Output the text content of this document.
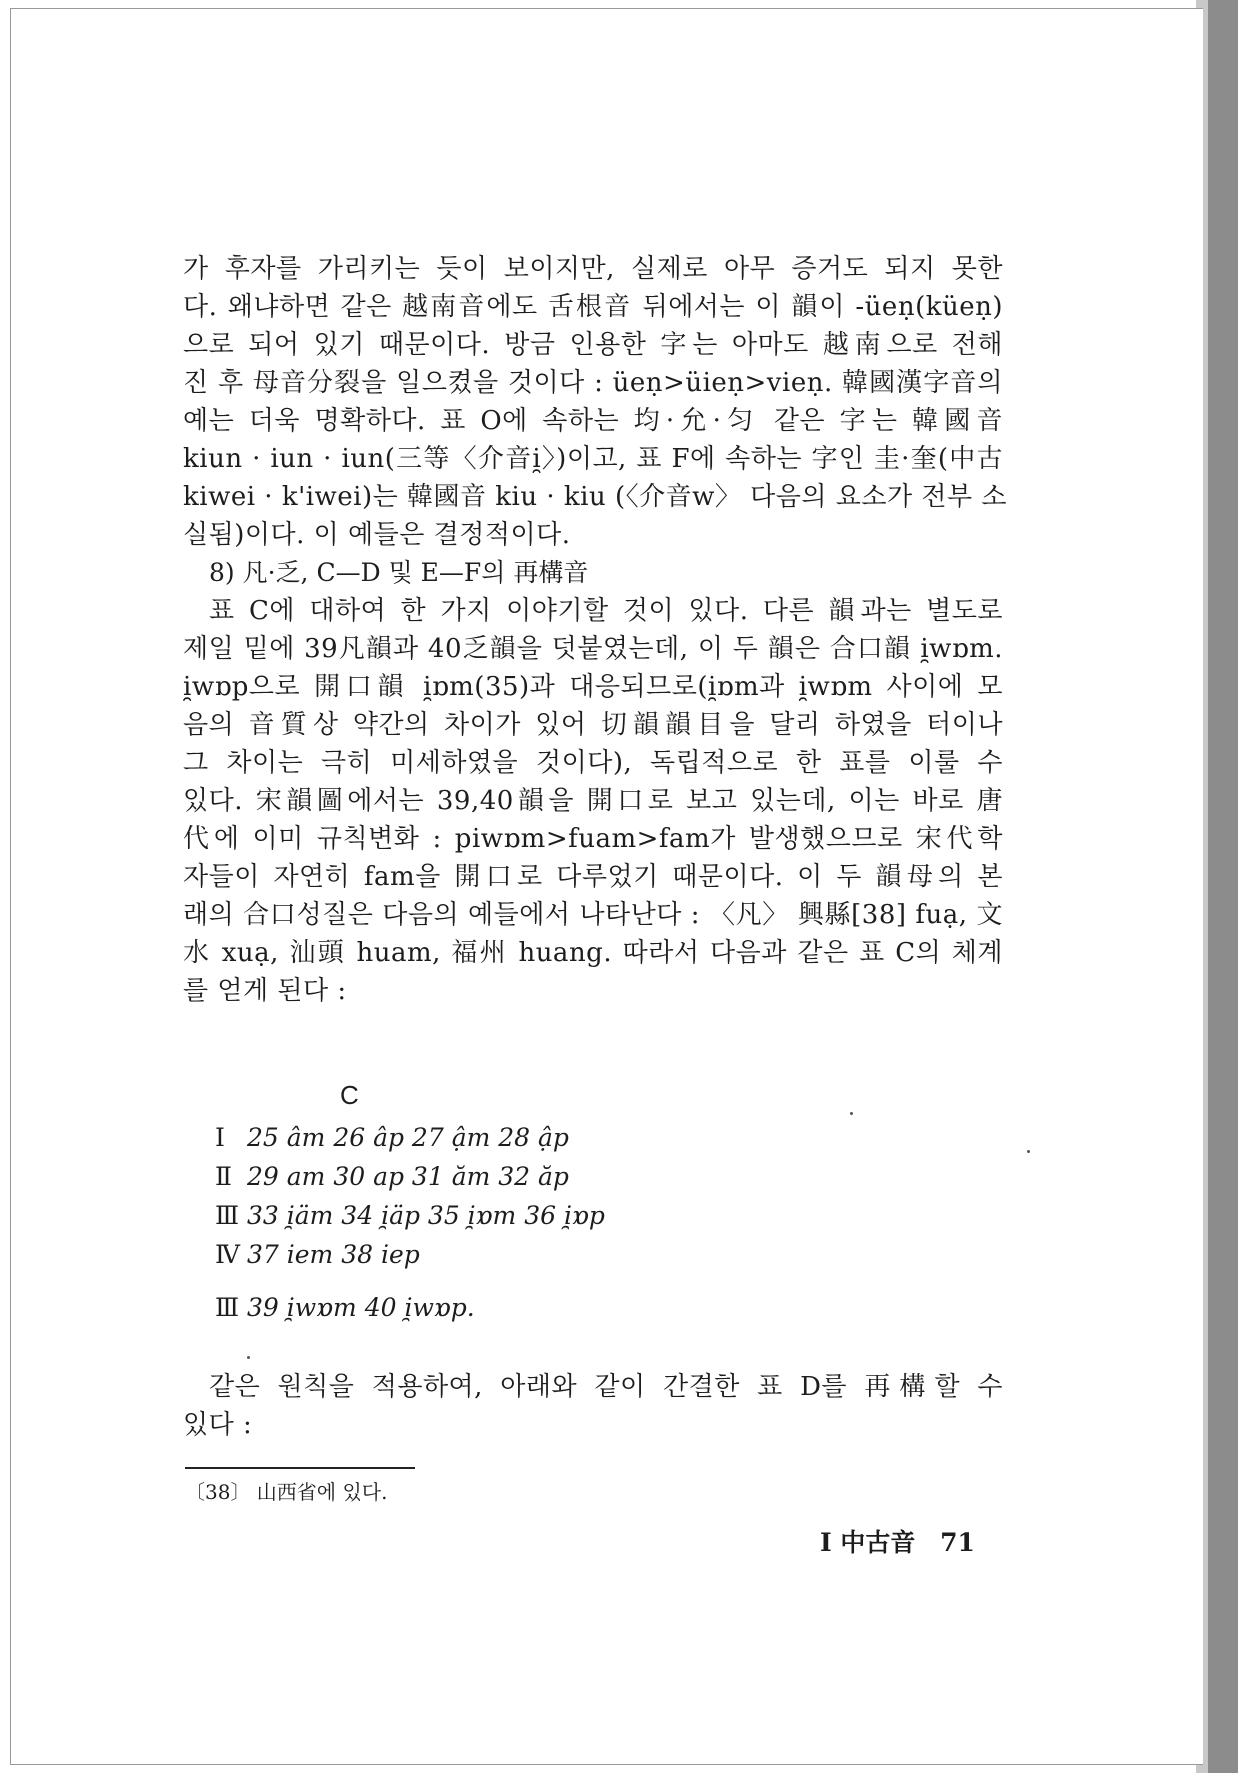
가 후자를 가리키는 듯이 보이지만, 실제로 아무 증거도 되지 못한
다. 왜냐하면 같은 越南音에도 舌根音 뒤에서는 이 韻이 -üeṇ(küeṇ)
으로 되어 있기 때문이다. 방금 인용한 字는 아마도 越南으로 전해
진 후 母音分裂을 일으켰을 것이다 : üeṇ>üieṇ>vieṇ. 韓國漢字音의
예는 더욱 명확하다. 표 O에 속하는 均·允·匀 같은 字는 韓國音
kiun · iun · iun(三等〈介音i̯〉)이고, 표 F에 속하는 字인 圭·奎(中古
kiwei · k'iwei)는 韓國音 kiu · kiu (〈介音w〉 다음의 요소가 전부 소
실됨)이다. 이 예들은 결정적이다.
8) 凡·乏, C—D 및 E—F의 再構音
표 C에 대하여 한 가지 이야기할 것이 있다. 다른 韻과는 별도로
제일 밑에 39凡韻과 40乏韻을 덧붙였는데, 이 두 韻은 合口韻 i̯wɒm.
i̯wɒp으로 開口韻 i̯ɒm(35)과 대응되므로(i̯ɒm과 i̯wɒm 사이에 모
음의 音質상 약간의 차이가 있어 切韻韻目을 달리 하였을 터이나
그 차이는 극히 미세하였을 것이다), 독립적으로 한 표를 이룰 수
있다. 宋韻圖에서는 39,40韻을 開口로 보고 있는데, 이는 바로 唐
代에 이미 규칙변화 : piwɒm>fuam>fam가 발생했으므로 宋代학
자들이 자연히 fam을 開口로 다루었기 때문이다. 이 두 韻母의 본
래의 合口성질은 다음의 예들에서 나타난다 : 〈凡〉 興縣[38] fuạ, 文
水 xuạ, 汕頭 huam, 福州 huang. 따라서 다음과 같은 표 C의 체계
를 얻게 된다 :
C
Ⅰ 25 âm 26 âp 27 ậm 28 ập
Ⅱ 29 am 30 ap 31 ăm 32 ăp
Ⅲ 33 i̯äm 34 i̯äp 35 i̯ɒm 36 i̯ɒp
Ⅳ 37 iem 38 iep
Ⅲ 39 i̯wɒm 40 i̯wɒp.
같은 원칙을 적용하여, 아래와 같이 간결한 표 D를 再構할 수
있다 :
〔38〕 山西省에 있다.
Ⅰ 中古音 71
